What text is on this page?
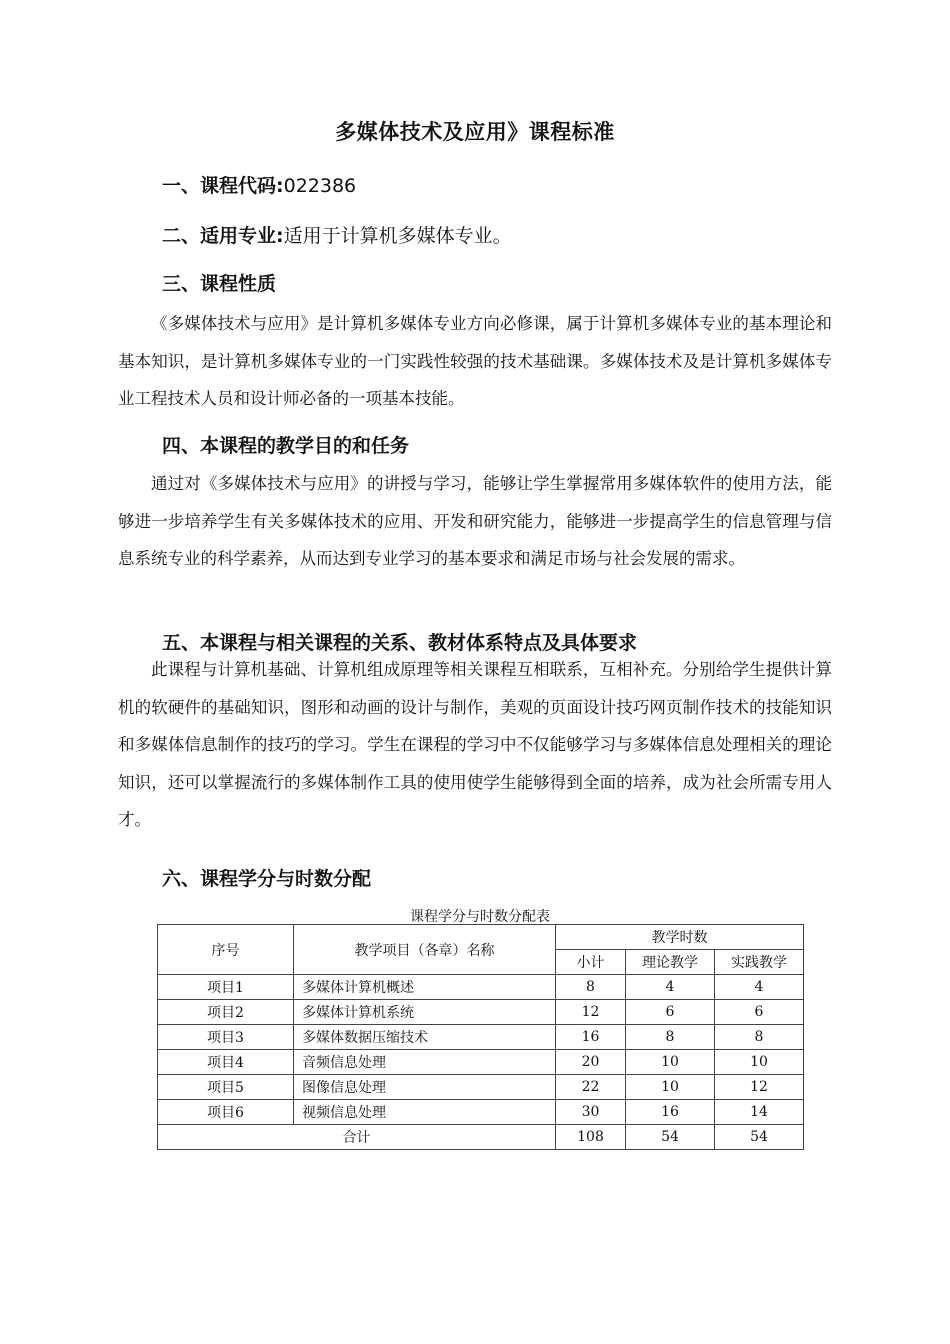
多媒体技术及应用》课程标准
一、课程代码:022386
二、适用专业:适用于计算机多媒体专业。
三、课程性质

《多媒体技术与应用》是计算机多媒体专业方向必修课，属于计算机多媒体专业的基本理论和基本知识，是计算机多媒体专业的一门实践性较强的技术基础课。多媒体技术及是计算机多媒体专业工程技术人员和设计师必备的一项基本技能。

四、本课程的教学目的和任务

通过对《多媒体技术与应用》的讲授与学习，能够让学生掌握常用多媒体软件的使用方法，能够进一步培养学生有关多媒体技术的应用、开发和研究能力，能够进一步提高学生的信息管理与信息系统专业的科学素养，从而达到专业学习的基本要求和满足市场与社会发展的需求。

五、本课程与相关课程的关系、教材体系特点及具体要求

此课程与计算机基础、计算机组成原理等相关课程互相联系，互相补充。分别给学生提供计算机的软硬件的基础知识，图形和动画的设计与制作，美观的页面设计技巧网页制作技术的技能知识和多媒体信息制作的技巧的学习。学生在课程的学习中不仅能够学习与多媒体信息处理相关的理论知识，还可以掌握流行的多媒体制作工具的使用使学生能够得到全面的培养，成为社会所需专用人才。

六、课程学分与时数分配
课程学分与时数分配表
序号	教学项目（各章）名称	教学时数		
		小计	理论教学	实践教学
项目1	多媒体计算机概述	8	4	4
项目2	多媒体计算机系统	12	6	6
项目3	多媒体数据压缩技术	16	8	8
项目4	音频信息处理	20	10	10
项目5	图像信息处理	22	10	12
项目6	视频信息处理	30	16	14
合计		108	54	54
